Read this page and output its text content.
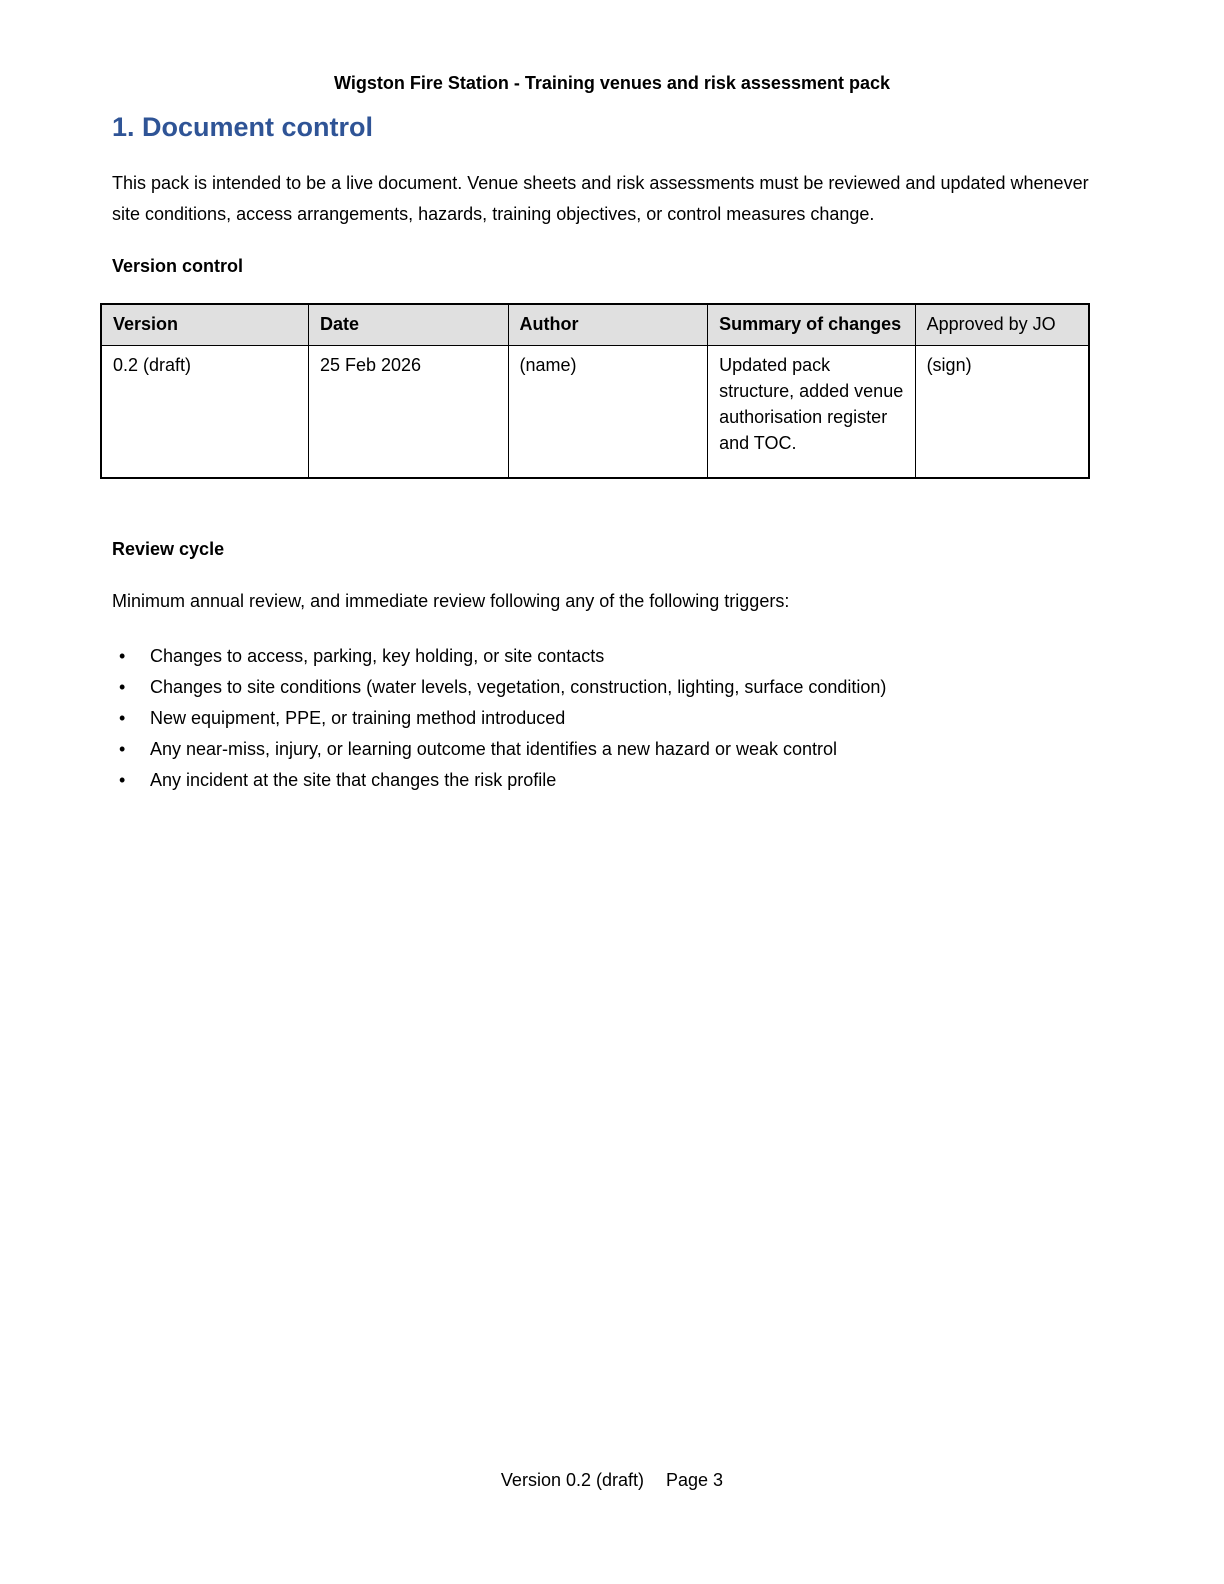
Wigston Fire Station - Training venues and risk assessment pack
1. Document control

This pack is intended to be a live document. Venue sheets and risk assessments must be reviewed and updated whenever site conditions, access arrangements, hazards, training objectives, or control measures change.

Version control

Version	Date	Author	Summary of changes	Approved by JO
0.2 (draft)	25 Feb 2026	(name)	Updated pack structure, added venue authorisation register and TOC.	(sign)

Review cycle

Minimum annual review, and immediate review following any of the following triggers:

• Changes to access, parking, key holding, or site contacts
• Changes to site conditions (water levels, vegetation, construction, lighting, surface condition)
• New equipment, PPE, or training method introduced
• Any near-miss, injury, or learning outcome that identifies a new hazard or weak control
• Any incident at the site that changes the risk profile
Version 0.2 (draft) Page 3
